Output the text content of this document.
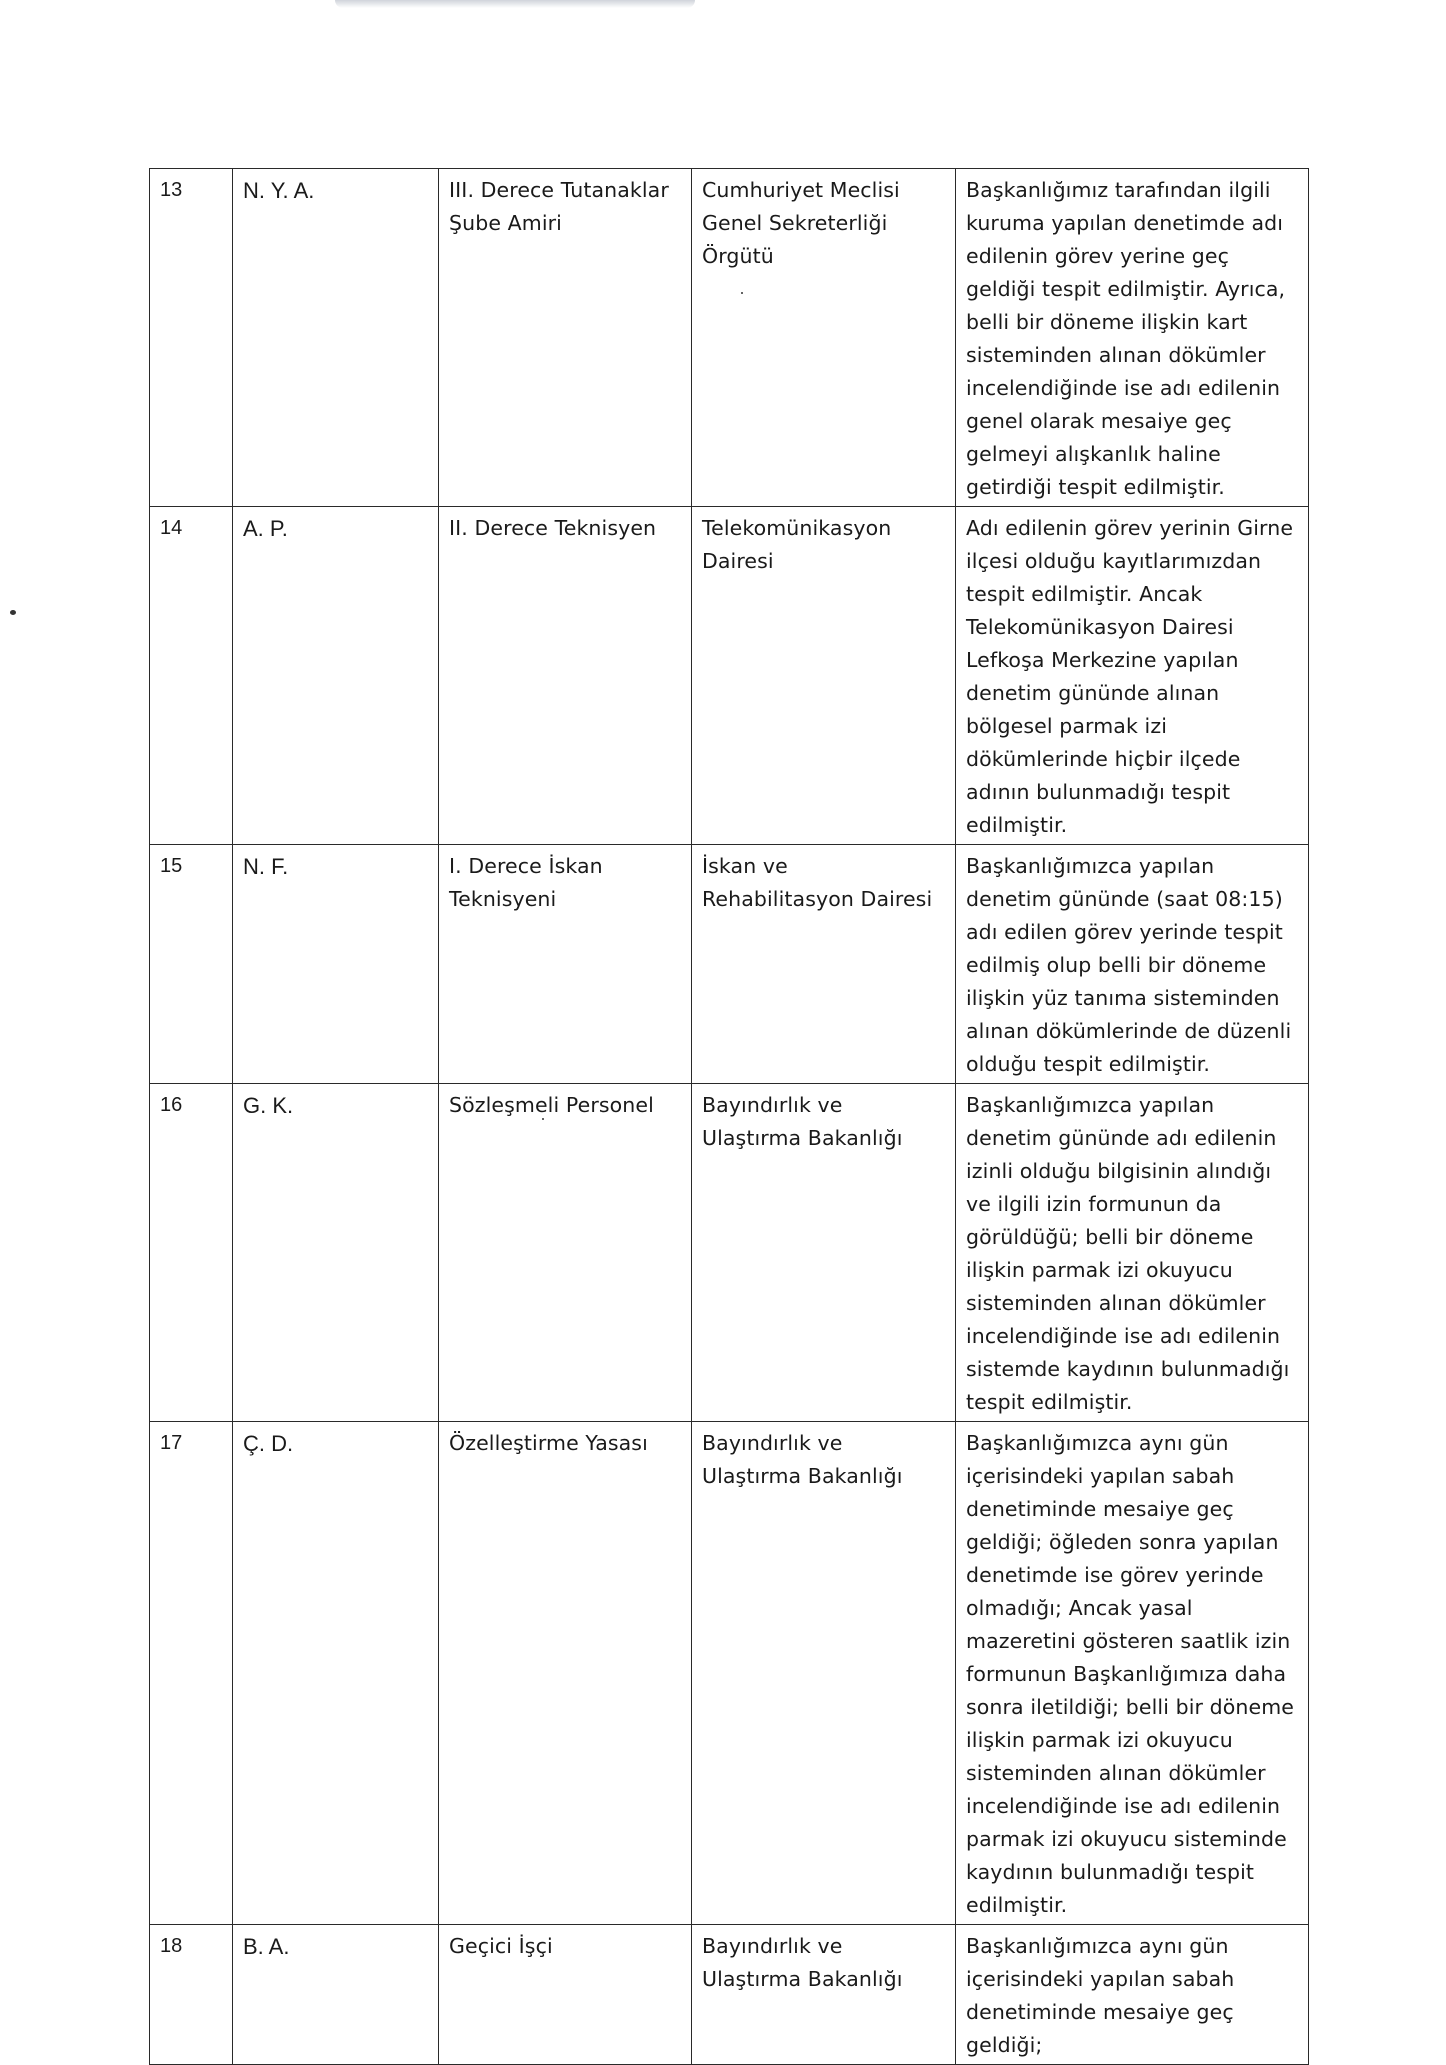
13	N. Y. A.	III. Derece Tutanaklar Şube Amiri	Cumhuriyet Meclisi Genel Sekreterliği Örgütü	Başkanlığımız tarafından ilgili kuruma yapılan denetimde adı edilenin görev yerine geç geldiği tespit edilmiştir. Ayrıca, belli bir döneme ilişkin kart sisteminden alınan dökümler incelendiğinde ise adı edilenin genel olarak mesaiye geç gelmeyi alışkanlık haline getirdiği tespit edilmiştir.
14	A. P.	II. Derece Teknisyen	Telekomünikasyon Dairesi	Adı edilenin görev yerinin Girne ilçesi olduğu kayıtlarımızdan tespit edilmiştir. Ancak Telekomünikasyon Dairesi Lefkoşa Merkezine yapılan denetim gününde alınan bölgesel parmak izi dökümlerinde hiçbir ilçede adının bulunmadığı tespit edilmiştir.
15	N. F.	I. Derece İskan Teknisyeni	İskan ve Rehabilitasyon Dairesi	Başkanlığımızca yapılan denetim gününde (saat 08:15) adı edilen görev yerinde tespit edilmiş olup belli bir döneme ilişkin yüz tanıma sisteminden alınan dökümlerinde de düzenli olduğu tespit edilmiştir.
16	G. K.	Sözleşmeli Personel	Bayındırlık ve Ulaştırma Bakanlığı	Başkanlığımızca yapılan denetim gününde adı edilenin izinli olduğu bilgisinin alındığı ve ilgili izin formunun da görüldüğü; belli bir döneme ilişkin parmak izi okuyucu sisteminden alınan dökümler incelendiğinde ise adı edilenin sistemde kaydının bulunmadığı tespit edilmiştir.
17	Ç. D.	Özelleştirme Yasası	Bayındırlık ve Ulaştırma Bakanlığı	Başkanlığımızca aynı gün içerisindeki yapılan sabah denetiminde mesaiye geç geldiği; öğleden sonra yapılan denetimde ise görev yerinde olmadığı; Ancak yasal mazeretini gösteren saatlik izin formunun Başkanlığımıza daha sonra iletildiği; belli bir döneme ilişkin parmak izi okuyucu sisteminden alınan dökümler incelendiğinde ise adı edilenin parmak izi okuyucu sisteminde kaydının bulunmadığı tespit edilmiştir.
18	B. A.	Geçici İşçi	Bayındırlık ve Ulaştırma Bakanlığı	Başkanlığımızca aynı gün içerisindeki yapılan sabah denetiminde mesaiye geç geldiği;
